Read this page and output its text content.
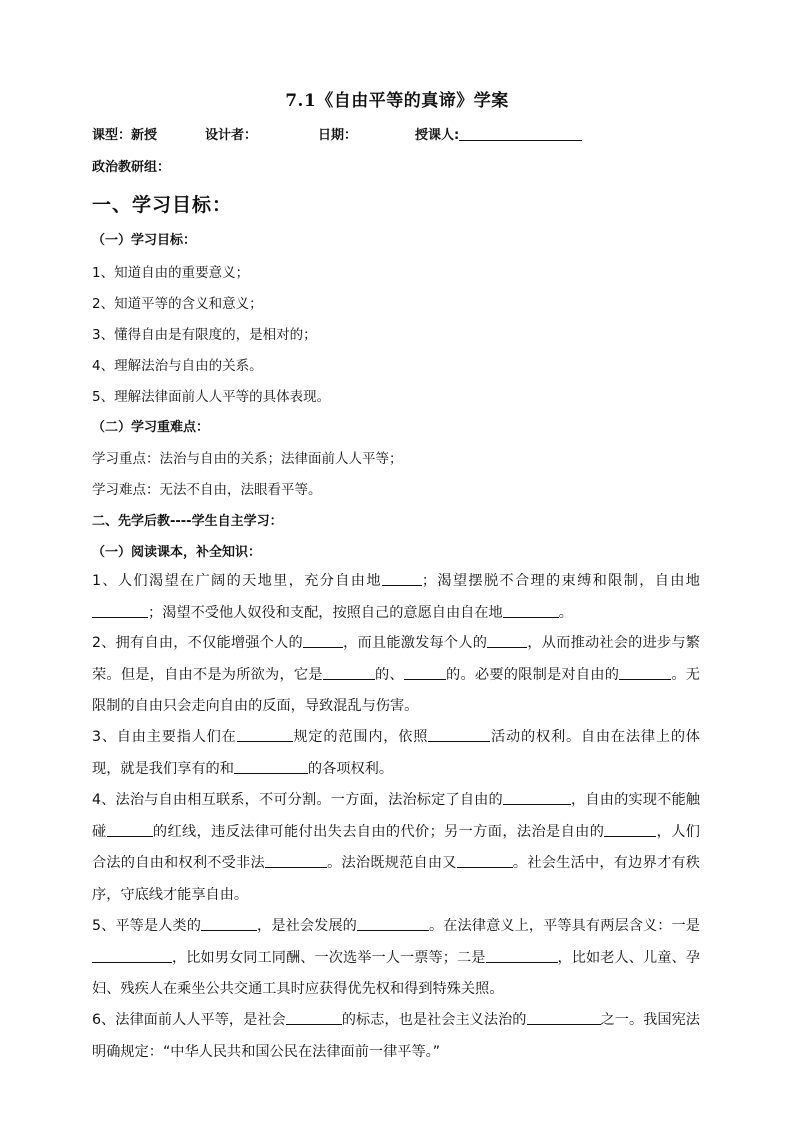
7.1《自由平等的真谛》学案
课型：新授	设计者：	日期：	授课人:
政治教研组：
一、学习目标：
（一）学习目标：
1、知道自由的重要意义；
2、知道平等的含义和意义；
3、懂得自由是有限度的，是相对的；
4、理解法治与自由的关系。
5、理解法律面前人人平等的具体表现。
（二）学习重难点：
学习重点：法治与自由的关系；法律面前人人平等；
学习难点：无法不自由，法眼看平等。
二、先学后教----学生自主学习：
（一）阅读课本，补全知识：
1、人们渴望在广阔的天地里，充分自由地	；渴望摆脱不合理的束缚和限制，自由地；渴望不受他人奴役和支配，按照自己的意愿自由自在地	。
2、拥有自由，不仅能增强个人的	，而且能激发每个人的	，从而推动社会的进步与繁荣。但是，自由不是为所欲为，它是	的、	的。必要的限制是对自由的	。无限制的自由只会走向自由的反面，导致混乱与伤害。
3、自由主要指人们在	规定的范围内，依照	活动的权利。自由在法律上的体现，就是我们享有的和	的各项权利。
4、法治与自由相互联系，不可分割。一方面，法治标定了自由的	，自由的实现不能触碰	的红线，违反法律可能付出失去自由的代价；另一方面，法治是自由的	，人们合法的自由和权利不受非法	。法治既规范自由又	。社会生活中，有边界才有秩序，守底线才能享自由。
5、平等是人类的	，是社会发展的	。在法律意义上，平等具有两层含义：一是，比如男女同工同酬、一次选举一人一票等；二是	，比如老人、儿童、孕妇、残疾人在乘坐公共交通工具时应获得优先权和得到特殊关照。
6、法律面前人人平等，是社会	的标志，也是社会主义法治的	之一。我国宪法明确规定：“中华人民共和国公民在法律面前一律平等。”
